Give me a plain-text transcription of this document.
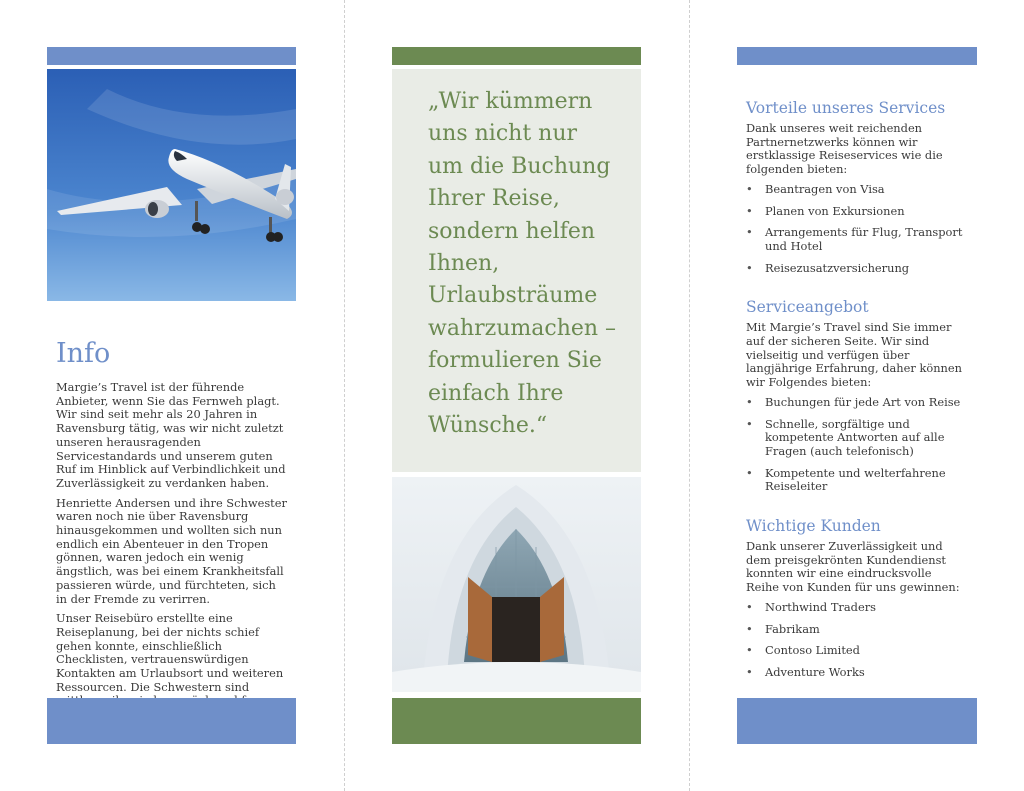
Info

Margie’s Travel ist der führende Anbieter, wenn Sie das Fernweh plagt. Wir sind seit mehr als 20 Jahren in Ravensburg tätig, was wir nicht zuletzt unseren herausragenden Servicestandards und unserem guten Ruf im Hinblick auf Verbindlichkeit und Zuverlässigkeit zu verdanken haben.

Henriette Andersen und ihre Schwester waren noch nie über Ravensburg hinausgekommen und wollten sich nun endlich ein Abenteuer in den Tropen gönnen, waren jedoch ein wenig ängstlich, was bei einem Krankheitsfall passieren würde, und fürchteten, sich in der Fremde zu verirren.

Unser Reisebüro erstellte eine Reiseplanung, bei der nichts schief gehen konnte, einschließlich Checklisten, vertrauenswürdigen Kontakten am Urlaubsort und weiteren Ressourcen. Die Schwestern sind

„Wir kümmern uns nicht nur um die Buchung Ihrer Reise, sondern helfen Ihnen, Urlaubsträume wahrzumachen – formulieren Sie einfach Ihre Wünsche.“

Vorteile unseres Services

Dank unseres weit reichenden Partnernetzwerks können wir erstklassige Reiseservices wie die folgenden bieten:

• Beantragen von Visa
• Planen von Exkursionen
• Arrangements für Flug, Transport und Hotel
• Reisezusatzversicherung
Serviceangebot

Mit Margie’s Travel sind Sie immer auf der sicheren Seite. Wir sind vielseitig und verfügen über langjährige Erfahrung, daher können wir Folgendes bieten:

• Buchungen für jede Art von Reise
• Schnelle, sorgfältige und kompetente Antworten auf alle Fragen (auch telefonisch)
• Kompetente und welterfahrene Reiseleiter
Wichtige Kunden

Dank unserer Zuverlässigkeit und dem preisgekrönten Kundendienst konnten wir eine eindrucksvolle Reihe von Kunden für uns gewinnen:

• Northwind Traders
• Fabrikam
• Contoso Limited
• Adventure Works
